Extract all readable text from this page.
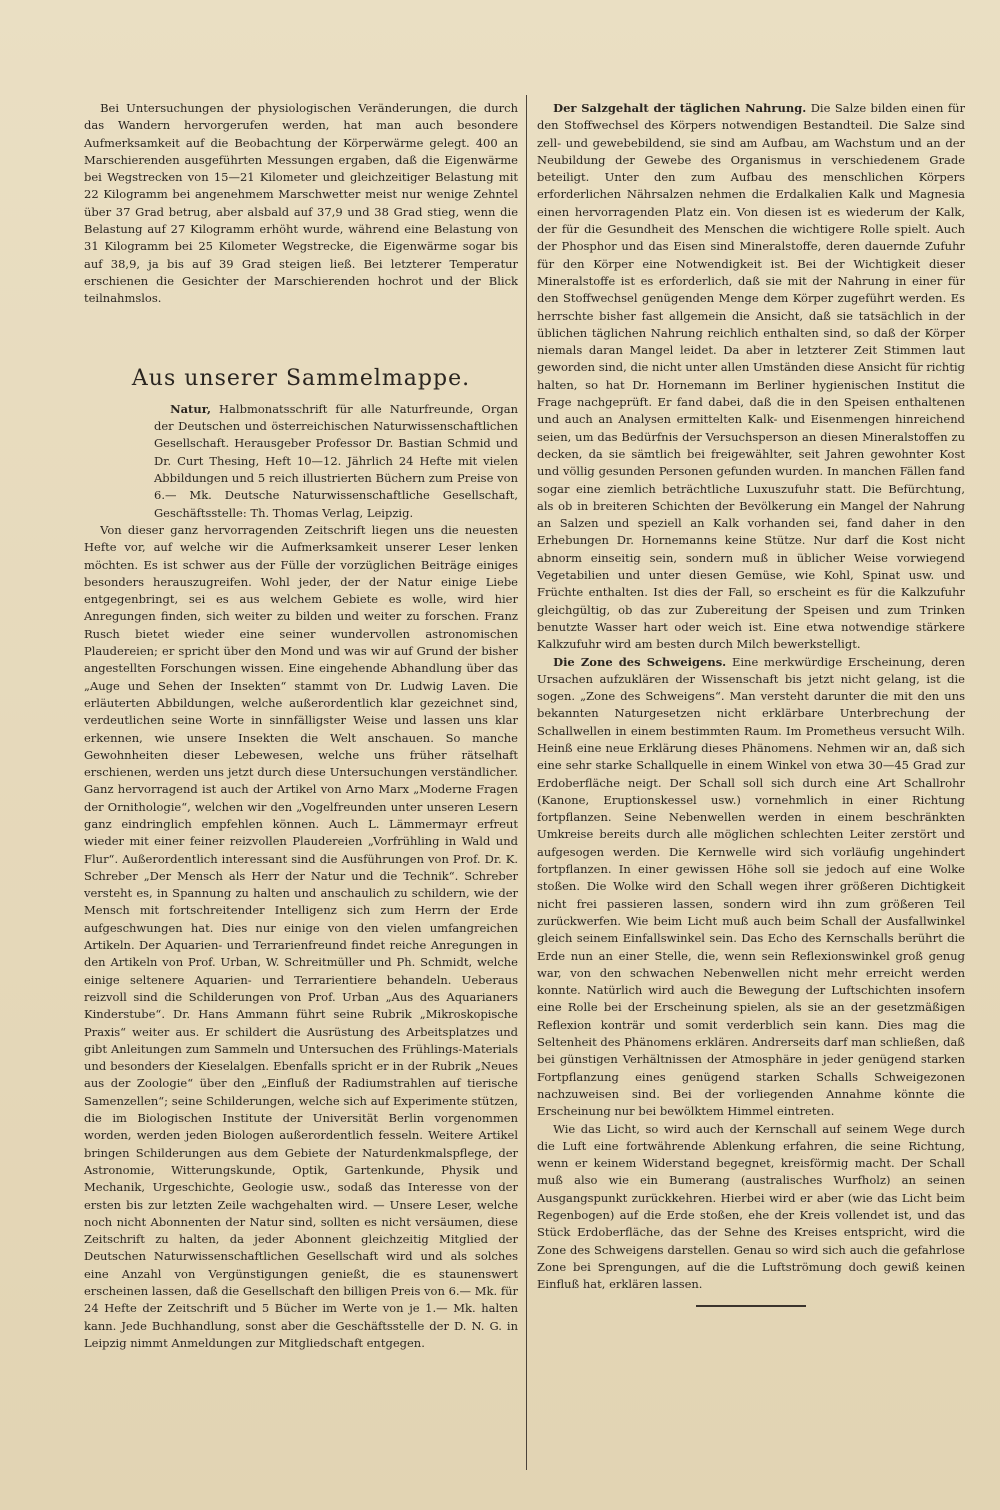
Bei Untersuchungen der physiologischen Veränderungen, die durch das Wandern hervorgerufen werden, hat man auch besondere Aufmerksamkeit auf die Beobachtung der Körperwärme gelegt. 400 an Marschierenden ausgeführten Messungen ergaben, daß die Eigenwärme bei Wegstrecken von 15—21 Kilometer und gleichzeitiger Belastung mit 22 Kilogramm bei angenehmem Marschwetter meist nur wenige Zehntel über 37 Grad betrug, aber alsbald auf 37,9 und 38 Grad stieg, wenn die Belastung auf 27 Kilogramm erhöht wurde, während eine Belastung von 31 Kilogramm bei 25 Kilometer Wegstrecke, die Eigenwärme sogar bis auf 38,9, ja bis auf 39 Grad steigen ließ. Bei letzterer Temperatur erschienen die Gesichter der Marschierenden hochrot und der Blick teilnahmslos.

Aus unserer Sammelmappe.

Natur, Halbmonatsschrift für alle Naturfreunde, Organ der Deutschen und österreichischen Naturwissenschaftlichen Gesellschaft. Herausgeber Professor Dr. Bastian Schmid und Dr. Curt Thesing, Heft 10—12. Jährlich 24 Hefte mit vielen Abbildungen und 5 reich illustrierten Büchern zum Preise von 6.— Mk. Deutsche Naturwissenschaftliche Gesellschaft, Geschäftsstelle: Th. Thomas Verlag, Leipzig.

Von dieser ganz hervorragenden Zeitschrift liegen uns die neuesten Hefte vor, auf welche wir die Aufmerksamkeit unserer Leser lenken möchten. Es ist schwer aus der Fülle der vorzüglichen Beiträge einiges besonders herauszugreifen. Wohl jeder, der der Natur einige Liebe entgegenbringt, sei es aus welchem Gebiete es wolle, wird hier Anregungen finden, sich weiter zu bilden und weiter zu forschen. Franz Rusch bietet wieder eine seiner wundervollen astronomischen Plaudereien; er spricht über den Mond und was wir auf Grund der bisher angestellten Forschungen wissen. Eine eingehende Abhandlung über das „Auge und Sehen der Insekten“ stammt von Dr. Ludwig Laven. Die erläuterten Abbildungen, welche außerordentlich klar gezeichnet sind, verdeutlichen seine Worte in sinnfälligster Weise und lassen uns klar erkennen, wie unsere Insekten die Welt anschauen. So manche Gewohnheiten dieser Lebewesen, welche uns früher rätselhaft erschienen, werden uns jetzt durch diese Untersuchungen verständlicher. Ganz hervorragend ist auch der Artikel von Arno Marx „Moderne Fragen der Ornithologie“, welchen wir den „Vogelfreunden unter unseren Lesern ganz eindringlich empfehlen können. Auch L. Lämmermayr erfreut wieder mit einer feiner reizvollen Plaudereien „Vorfrühling in Wald und Flur“. Außerordentlich interessant sind die Ausführungen von Prof. Dr. K. Schreber „Der Mensch als Herr der Natur und die Technik“. Schreber versteht es, in Spannung zu halten und anschaulich zu schildern, wie der Mensch mit fortschreitender Intelligenz sich zum Herrn der Erde aufgeschwungen hat. Dies nur einige von den vielen umfangreichen Artikeln. Der Aquarien- und Terrarienfreund findet reiche Anregungen in den Artikeln von Prof. Urban, W. Schreitmüller und Ph. Schmidt, welche einige seltenere Aquarien- und Terrarientiere behandeln. Ueberaus reizvoll sind die Schilderungen von Prof. Urban „Aus des Aquarianers Kinderstube“. Dr. Hans Ammann führt seine Rubrik „Mikroskopische Praxis“ weiter aus. Er schildert die Ausrüstung des Arbeitsplatzes und gibt Anleitungen zum Sammeln und Untersuchen des Frühlings-Materials und besonders der Kieselalgen. Ebenfalls spricht er in der Rubrik „Neues aus der Zoologie“ über den „Einfluß der Radiumstrahlen auf tierische Samenzellen“; seine Schilderungen, welche sich auf Experimente stützen, die im Biologischen Institute der Universität Berlin vorgenommen worden, werden jeden Biologen außerordentlich fesseln. Weitere Artikel bringen Schilderungen aus dem Gebiete der Naturdenkmalspflege, der Astronomie, Witterungskunde, Optik, Gartenkunde, Physik und Mechanik, Urgeschichte, Geologie usw., sodaß das Interesse von der ersten bis zur letzten Zeile wachgehalten wird. — Unsere Leser, welche noch nicht Abonnenten der Natur sind, sollten es nicht versäumen, diese Zeitschrift zu halten, da jeder Abonnent gleichzeitig Mitglied der Deutschen Naturwissenschaftlichen Gesellschaft wird und als solches eine Anzahl von Vergünstigungen genießt, die es staunenswert erscheinen lassen, daß die Gesellschaft den billigen Preis von 6.— Mk. für 24 Hefte der Zeitschrift und 5 Bücher im Werte von je 1.— Mk. halten kann. Jede Buchhandlung, sonst aber die Geschäftsstelle der D. N. G. in Leipzig nimmt Anmeldungen zur Mitgliedschaft entgegen.

Der Salzgehalt der täglichen Nahrung. Die Salze bilden einen für den Stoffwechsel des Körpers notwendigen Bestandteil. Die Salze sind zell- und gewebebildend, sie sind am Aufbau, am Wachstum und an der Neubildung der Gewebe des Organismus in verschiedenem Grade beteiligt. Unter den zum Aufbau des menschlichen Körpers erforderlichen Nährsalzen nehmen die Erdalkalien Kalk und Magnesia einen hervorragenden Platz ein. Von diesen ist es wiederum der Kalk, der für die Gesundheit des Menschen die wichtigere Rolle spielt. Auch der Phosphor und das Eisen sind Mineralstoffe, deren dauernde Zufuhr für den Körper eine Notwendigkeit ist. Bei der Wichtigkeit dieser Mineralstoffe ist es erforderlich, daß sie mit der Nahrung in einer für den Stoffwechsel genügenden Menge dem Körper zugeführt werden. Es herrschte bisher fast allgemein die Ansicht, daß sie tatsächlich in der üblichen täglichen Nahrung reichlich enthalten sind, so daß der Körper niemals daran Mangel leidet. Da aber in letzterer Zeit Stimmen laut geworden sind, die nicht unter allen Umständen diese Ansicht für richtig halten, so hat Dr. Hornemann im Berliner hygienischen Institut die Frage nachgeprüft. Er fand dabei, daß die in den Speisen enthaltenen und auch an Analysen ermittelten Kalk- und Eisenmengen hinreichend seien, um das Bedürfnis der Versuchsperson an diesen Mineralstoffen zu decken, da sie sämtlich bei freigewählter, seit Jahren gewohnter Kost und völlig gesunden Personen gefunden wurden. In manchen Fällen fand sogar eine ziemlich beträchtliche Luxuszufuhr statt. Die Befürchtung, als ob in breiteren Schichten der Bevölkerung ein Mangel der Nahrung an Salzen und speziell an Kalk vorhanden sei, fand daher in den Erhebungen Dr. Hornemanns keine Stütze. Nur darf die Kost nicht abnorm einseitig sein, sondern muß in üblicher Weise vorwiegend Vegetabilien und unter diesen Gemüse, wie Kohl, Spinat usw. und Früchte enthalten. Ist dies der Fall, so erscheint es für die Kalkzufuhr gleichgültig, ob das zur Zubereitung der Speisen und zum Trinken benutzte Wasser hart oder weich ist. Eine etwa notwendige stärkere Kalkzufuhr wird am besten durch Milch bewerkstelligt.

Die Zone des Schweigens. Eine merkwürdige Erscheinung, deren Ursachen aufzuklären der Wissenschaft bis jetzt nicht gelang, ist die sogen. „Zone des Schweigens“. Man versteht darunter die mit den uns bekannten Naturgesetzen nicht erklärbare Unterbrechung der Schallwellen in einem bestimmten Raum. Im Prometheus versucht Wilh. Heinß eine neue Erklärung dieses Phänomens. Nehmen wir an, daß sich eine sehr starke Schallquelle in einem Winkel von etwa 30—45 Grad zur Erdoberfläche neigt. Der Schall soll sich durch eine Art Schallrohr (Kanone, Eruptionskessel usw.) vornehmlich in einer Richtung fortpflanzen. Seine Nebenwellen werden in einem beschränkten Umkreise bereits durch alle möglichen schlechten Leiter zerstört und aufgesogen werden. Die Kernwelle wird sich vorläufig ungehindert fortpflanzen. In einer gewissen Höhe soll sie jedoch auf eine Wolke stoßen. Die Wolke wird den Schall wegen ihrer größeren Dichtigkeit nicht frei passieren lassen, sondern wird ihn zum größeren Teil zurückwerfen. Wie beim Licht muß auch beim Schall der Ausfallwinkel gleich seinem Einfallswinkel sein. Das Echo des Kernschalls berührt die Erde nun an einer Stelle, die, wenn sein Reflexionswinkel groß genug war, von den schwachen Nebenwellen nicht mehr erreicht werden konnte. Natürlich wird auch die Bewegung der Luftschichten insofern eine Rolle bei der Erscheinung spielen, als sie an der gesetzmäßigen Reflexion konträr und somit verderblich sein kann. Dies mag die Seltenheit des Phänomens erklären. Andrerseits darf man schließen, daß bei günstigen Verhältnissen der Atmosphäre in jeder genügend starken Fortpflanzung eines genügend starken Schalls Schweigezonen nachzuweisen sind. Bei der vorliegenden Annahme könnte die Erscheinung nur bei bewölktem Himmel eintreten.

Wie das Licht, so wird auch der Kernschall auf seinem Wege durch die Luft eine fortwährende Ablenkung erfahren, die seine Richtung, wenn er keinem Widerstand begegnet, kreisförmig macht. Der Schall muß also wie ein Bumerang (australisches Wurfholz) an seinen Ausgangspunkt zurückkehren. Hierbei wird er aber (wie das Licht beim Regenbogen) auf die Erde stoßen, ehe der Kreis vollendet ist, und das Stück Erdoberfläche, das der Sehne des Kreises entspricht, wird die Zone des Schweigens darstellen. Genau so wird sich auch die gefahrlose Zone bei Sprengungen, auf die die Luftströmung doch gewiß keinen Einfluß hat, erklären lassen.
